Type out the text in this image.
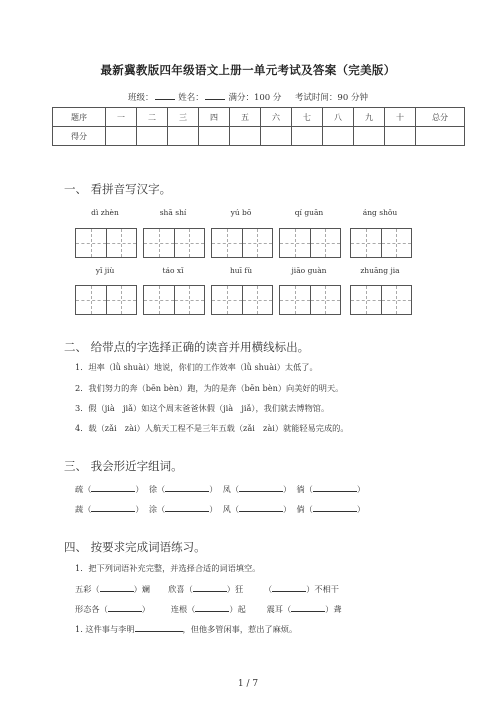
最新冀教版四年级语文上册一单元考试及答案（完美版）
班级：	姓名：	满分：100 分 考试时间：90 分钟
题序	一	二	三	四	五	六	七	八	九	十	总分
得分											
一、 看拼音写汉字。
dì zhèn	shā shí	yú bō	qí guān	áng shǒu
yǐ jiù	táo xǐ	huī fù	jiāo guàn	zhuāng jia
二、 给带点的字选择正确的读音并用横线标出。
1．坦率（lǜ shuài）地说，你们的工作效率（lǜ shuài）太低了。
2．我们努力的奔（bēn bèn）跑，为的是奔（bēn bèn）向美好的明天。
3．假（jià　jiǎ）如这个周末爸爸休假（jià　jiǎ），我们就去博物馆。
4．载（zǎi　zài）人航天工程不是三年五载（zǎi　zài）就能轻易完成的。
三、 我会形近字组词。
疏（	） 徐（	） 凤（	） 徜（	）
蔬（	） 涂（	） 风（	） 倘（	）
四、 按要求完成词语练习。
1．把下列词语补充完整，并选择合适的词语填空。
五彩（	）斓 欣喜（	）狂	（	）不相干
形态各（	）	连根（	）起	震耳（	）聋
1. 这件事与李明	，但他多管闲事，惹出了麻烦。
1 / 7
